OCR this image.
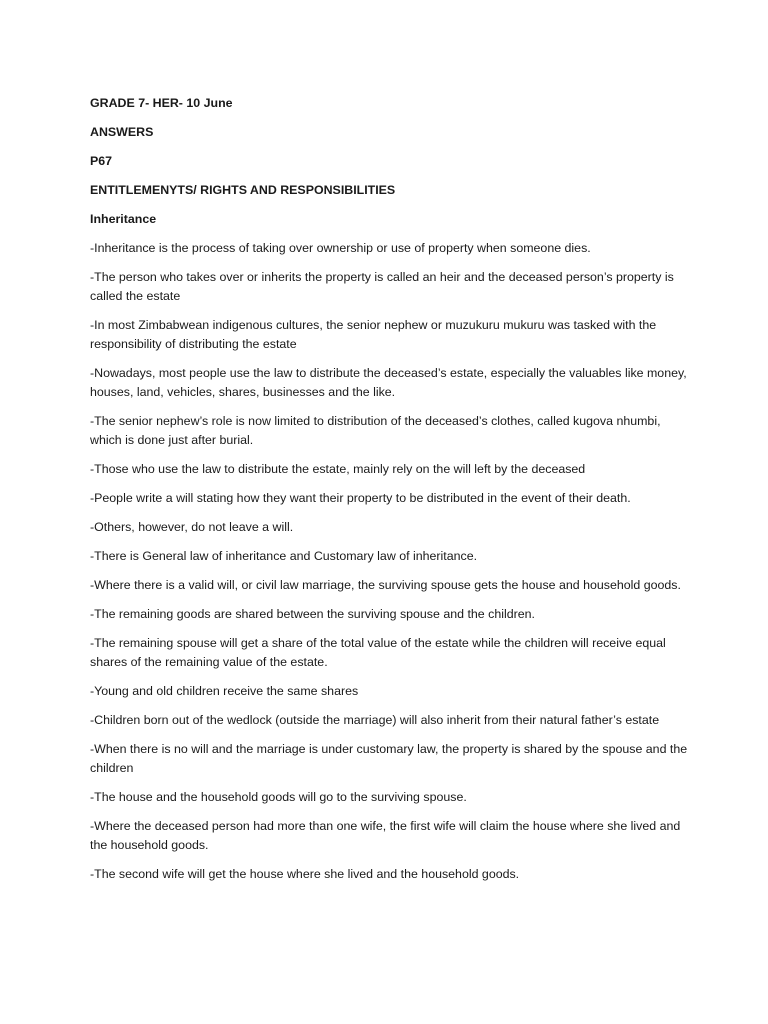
GRADE 7- HER- 10 June
ANSWERS
P67
ENTITLEMENYTS/ RIGHTS AND RESPONSIBILITIES
Inheritance

-Inheritance is the process of taking over ownership or use of property when someone dies.

-The person who takes over or inherits the property is called an heir and the deceased person’s property is called the estate

-In most Zimbabwean indigenous cultures, the senior nephew or muzukuru mukuru was tasked with the responsibility of distributing the estate

-Nowadays, most people use the law to distribute the deceased’s estate, especially the valuables like money, houses, land, vehicles, shares, businesses and the like.

-The senior nephew’s role is now limited to distribution of the deceased’s clothes, called kugova nhumbi, which is done just after burial.

-Those who use the law to distribute the estate, mainly rely on the will left by the deceased

-People write a will stating how they want their property to be distributed in the event of their death.

-Others, however, do not leave a will.

-There is General law of inheritance and Customary law of inheritance.

-Where there is a valid will, or civil law marriage, the surviving spouse gets the house and household goods.

-The remaining goods are shared between the surviving spouse and the children.

-The remaining spouse will get a share of the total value of the estate while the children will receive equal shares of the remaining value of the estate.

-Young and old children receive the same shares

-Children born out of the wedlock (outside the marriage) will also inherit from their natural father’s estate

-When there is no will and the marriage is under customary law, the property is shared by the spouse and the children

-The house and the household goods will go to the surviving spouse.

-Where the deceased person had more than one wife, the first wife will claim the house where she lived and the household goods.

-The second wife will get the house where she lived and the household goods.
